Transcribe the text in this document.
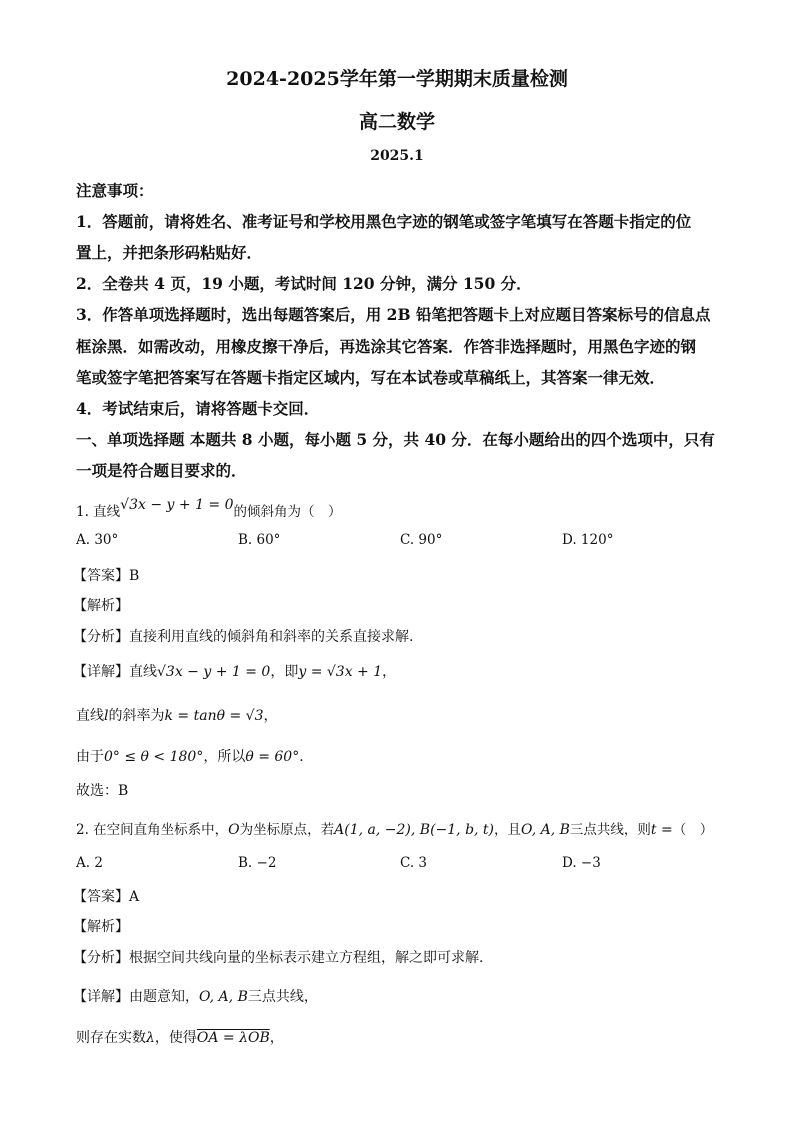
2024-2025学年第一学期期末质量检测
高二数学
2025.1
注意事项：
1．答题前，请将姓名、准考证号和学校用黑色字迹的钢笔或签字笔填写在答题卡指定的位
置上，并把条形码粘贴好．
2．全卷共 4 页，19 小题，考试时间 120 分钟，满分 150 分．
3．作答单项选择题时，选出每题答案后，用 2B 铅笔把答题卡上对应题目答案标号的信息点
框涂黑．如需改动，用橡皮擦干净后，再选涂其它答案．作答非选择题时，用黑色字迹的钢
笔或签字笔把答案写在答题卡指定区域内，写在本试卷或草稿纸上，其答案一律无效．
4．考试结束后，请将答题卡交回．
一、单项选择题 本题共 8 小题，每小题 5 分，共 40 分．在每小题给出的四个选项中，只有
一项是符合题目要求的．
1. 直线√3x − y + 1 = 0的倾斜角为（　）
A. 30°	B. 60°	C. 90°	D. 120°
【答案】B
【解析】
【分析】直接利用直线的倾斜角和斜率的关系直接求解.
【详解】直线√3x − y + 1 = 0，即y = √3x + 1，
直线l的斜率为k = tanθ = √3，
由于0° ≤ θ < 180°，所以θ = 60°．
故选：B
2. 在空间直角坐标系中，O为坐标原点，若A(1, a, −2), B(−1, b, t)，且O, A, B三点共线，则t =（　）
A. 2	B. −2	C. 3	D. −3
【答案】A
【解析】
【分析】根据空间共线向量的坐标表示建立方程组，解之即可求解.
【详解】由题意知，O, A, B三点共线，
则存在实数λ，使得OA = λOB，
